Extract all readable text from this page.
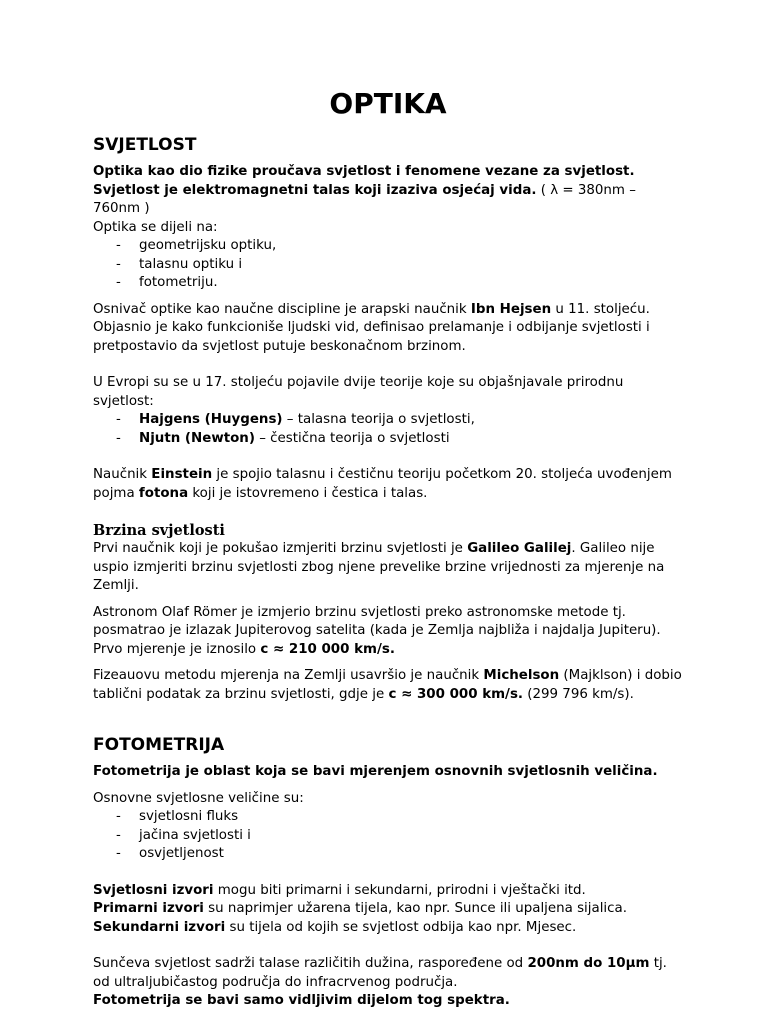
OPTIKA
SVJETLOST

Optika kao dio fizike proučava svjetlost i fenomene vezane za svjetlost.
Svjetlost je elektromagnetni talas koji izaziva osjećaj vida. ( λ = 380nm – 760nm )
Optika se dijeli na:

- geometrijsku optiku,
- talasnu optiku i
- fotometriju.

Osnivač optike kao naučne discipline je arapski naučnik Ibn Hejsen u 11. stoljeću. Objasnio je kako funkcioniše ljudski vid, definisao prelamanje i odbijanje svjetlosti i pretpostavio da svjetlost putuje beskonačnom brzinom.

U Evropi su se u 17. stoljeću pojavile dvije teorije koje su objašnjavale prirodnu svjetlost:

- Hajgens (Huygens) – talasna teorija o svjetlosti,
- Njutn (Newton) – čestična teorija o svjetlosti

Naučnik Einstein je spojio talasnu i čestičnu teoriju početkom 20. stoljeća uvođenjem pojma fotona koji je istovremeno i čestica i talas.

Brzina svjetlosti

Prvi naučnik koji je pokušao izmjeriti brzinu svjetlosti je Galileo Galilej. Galileo nije uspio izmjeriti brzinu svjetlosti zbog njene prevelike brzine vrijednosti za mjerenje na Zemlji.

Astronom Olaf Römer je izmjerio brzinu svjetlosti preko astronomske metode tj. posmatrao je izlazak Jupiterovog satelita (kada je Zemlja najbliža i najdalja Jupiteru). Prvo mjerenje je iznosilo c ≈ 210 000 km/s.

Fizeauovu metodu mjerenja na Zemlji usavršio je naučnik Michelson (Majklson) i dobio tablični podatak za brzinu svjetlosti, gdje je c ≈ 300 000 km/s. (299 796 km/s).

FOTOMETRIJA

Fotometrija je oblast koja se bavi mjerenjem osnovnih svjetlosnih veličina.

Osnovne svjetlosne veličine su:

- svjetlosni fluks
- jačina svjetlosti i
- osvjetljenost

Svjetlosni izvori mogu biti primarni i sekundarni, prirodni i vještački itd.
Primarni izvori su naprimjer užarena tijela, kao npr. Sunce ili upaljena sijalica.
Sekundarni izvori su tijela od kojih se svjetlost odbija kao npr. Mjesec.

Sunčeva svjetlost sadrži talase različitih dužina, raspoređene od 200nm do 10μm tj. od ultraljubičastog područja do infracrvenog područja.
Fotometrija se bavi samo vidljivim dijelom tog spektra.
